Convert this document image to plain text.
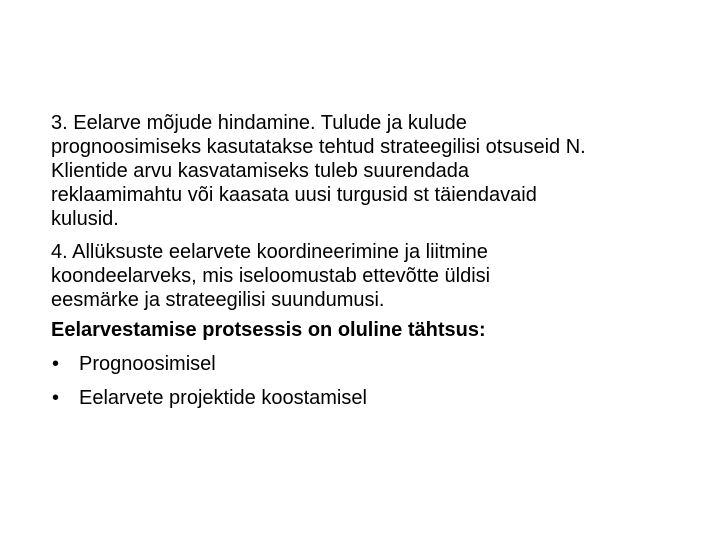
3. Eelarve mõjude hindamine. Tulude ja kulude
prognoosimiseks kasutatakse tehtud strateegilisi otsuseid N.
Klientide arvu kasvatamiseks tuleb suurendada
reklaamimahtu või kaasata uusi turgusid st täiendavaid
kulusid.

4. Allüksuste eelarvete koordineerimine ja liitmine
koondeelarveks, mis iseloomustab ettevõtte üldisi
eesmärke ja strateegilisi suundumusi.

Eelarvestamise protsessis on oluline tähtsus:
• Prognoosimisel
• Eelarvete projektide koostamisel
